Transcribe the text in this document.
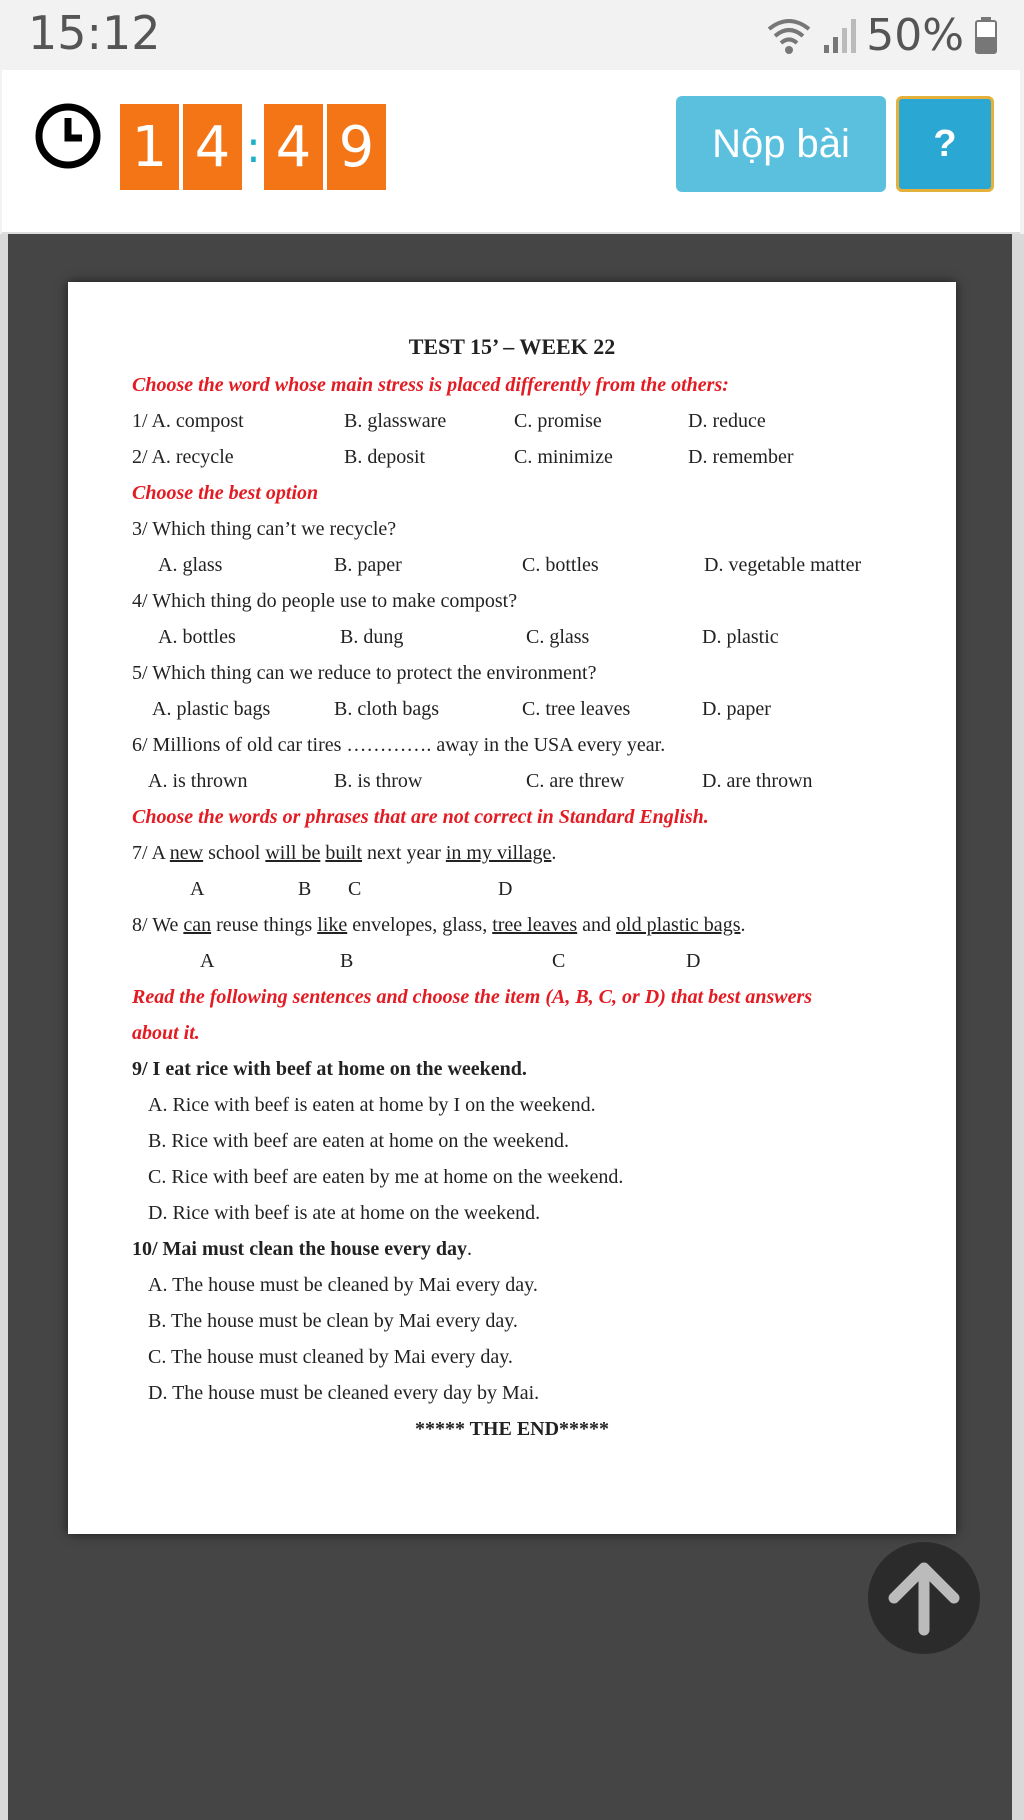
15:12	50%
1 4 : 4 9	Nộp bài	?
TEST 15’ – WEEK 22
Choose the word whose main stress is placed differently from the others:
1/ A. compost	B. glassware	C. promise	D. reduce
2/ A. recycle	B. deposit	C. minimize	D. remember
Choose the best option
3/ Which thing can’t we recycle?
A. glass	B. paper	C. bottles	D. vegetable matter
4/ Which thing do people use to make compost?
A. bottles	B. dung	C. glass	D. plastic
5/ Which thing can we reduce to protect the environment?
A. plastic bags	B. cloth bags	C. tree leaves	D. paper
6/ Millions of old car tires …………. away in the USA every year.
A. is thrown	B. is throw	C. are threw	D. are thrown
Choose the words or phrases that are not correct in Standard English.
7/ A new school will be built next year in my village.
A	B C	D
8/ We can reuse things like envelopes, glass, tree leaves and old plastic bags.
A	B	C	D
Read the following sentences and choose the item (A, B, C, or D) that best answers
about it.
9/ I eat rice with beef at home on the weekend.
A. Rice with beef is eaten at home by I on the weekend.
B. Rice with beef are eaten at home on the weekend.
C. Rice with beef are eaten by me at home on the weekend.
D. Rice with beef is ate at home on the weekend.
10/ Mai must clean the house every day.
A. The house must be cleaned by Mai every day.
B. The house must be clean by Mai every day.
C. The house must cleaned by Mai every day.
D. The house must be cleaned every day by Mai.
***** THE END*****
